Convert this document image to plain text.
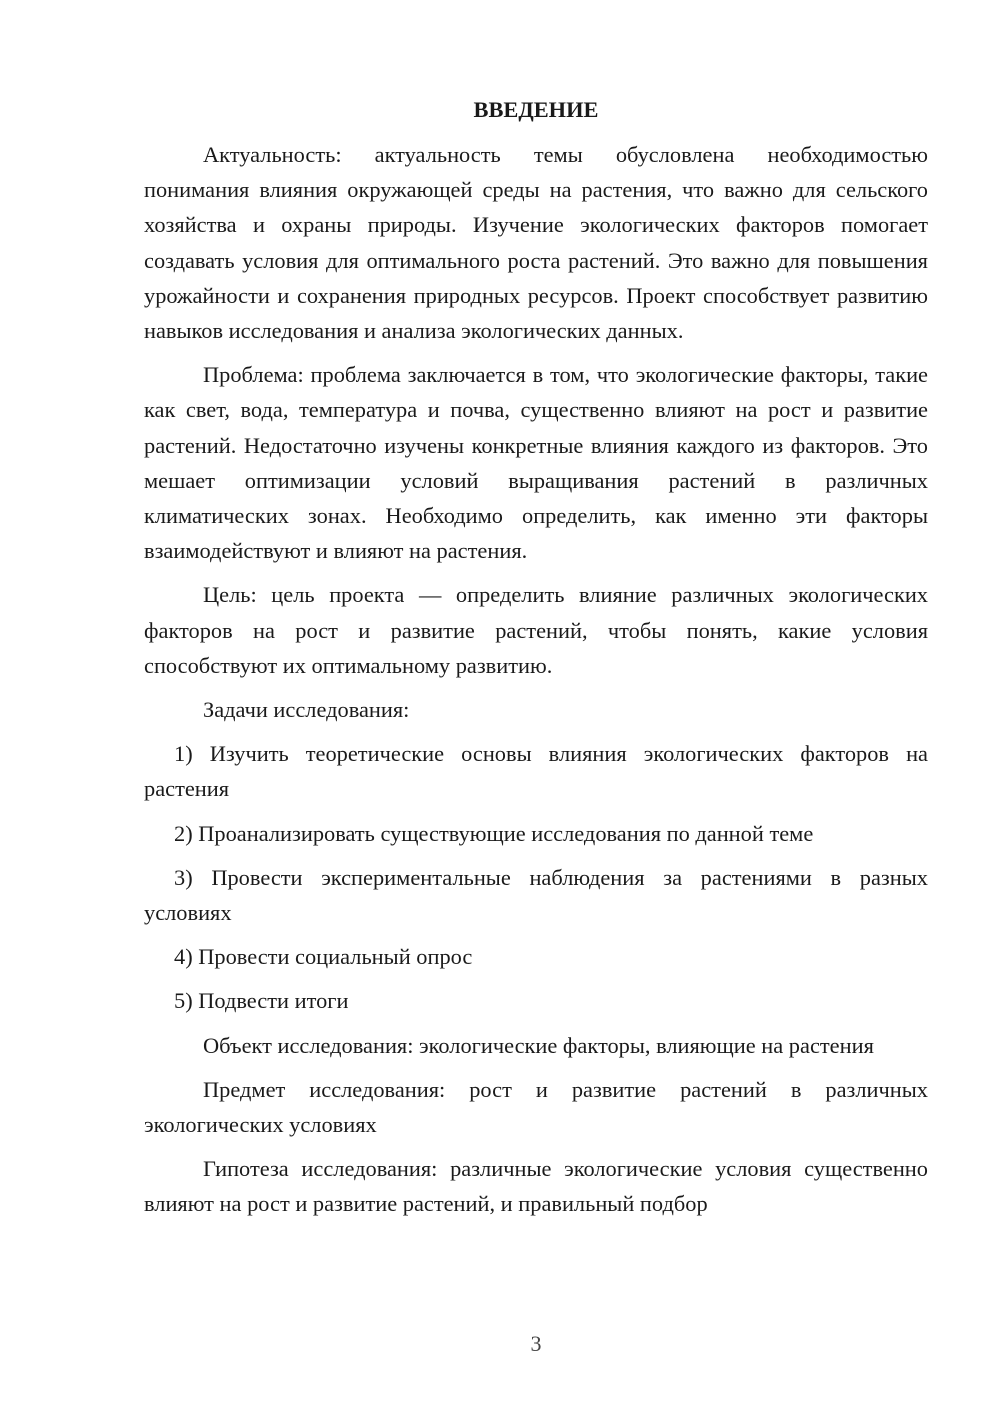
ВВЕДЕНИЕ

Актуальность: актуальность темы обусловлена необходимостью понимания влияния окружающей среды на растения, что важно для сельского хозяйства и охраны природы. Изучение экологических факторов помогает создавать условия для оптимального роста растений. Это важно для повышения урожайности и сохранения природных ресурсов. Проект способствует развитию навыков исследования и анализа экологических данных.

Проблема: проблема заключается в том, что экологические факторы, такие как свет, вода, температура и почва, существенно влияют на рост и развитие растений. Недостаточно изучены конкретные влияния каждого из факторов. Это мешает оптимизации условий выращивания растений в различных климатических зонах. Необходимо определить, как именно эти факторы взаимодействуют и влияют на растения.

Цель: цель проекта — определить влияние различных экологических факторов на рост и развитие растений, чтобы понять, какие условия способствуют их оптимальному развитию.

Задачи исследования:

1) Изучить теоретические основы влияния экологических факторов на растения

2) Проанализировать существующие исследования по данной теме

3) Провести экспериментальные наблюдения за растениями в разных условиях

4) Провести социальный опрос

5) Подвести итоги

Объект исследования: экологические факторы, влияющие на растения

Предмет исследования: рост и развитие растений в различных экологических условиях

Гипотеза исследования: различные экологические условия существенно влияют на рост и развитие растений, и правильный подбор

3
